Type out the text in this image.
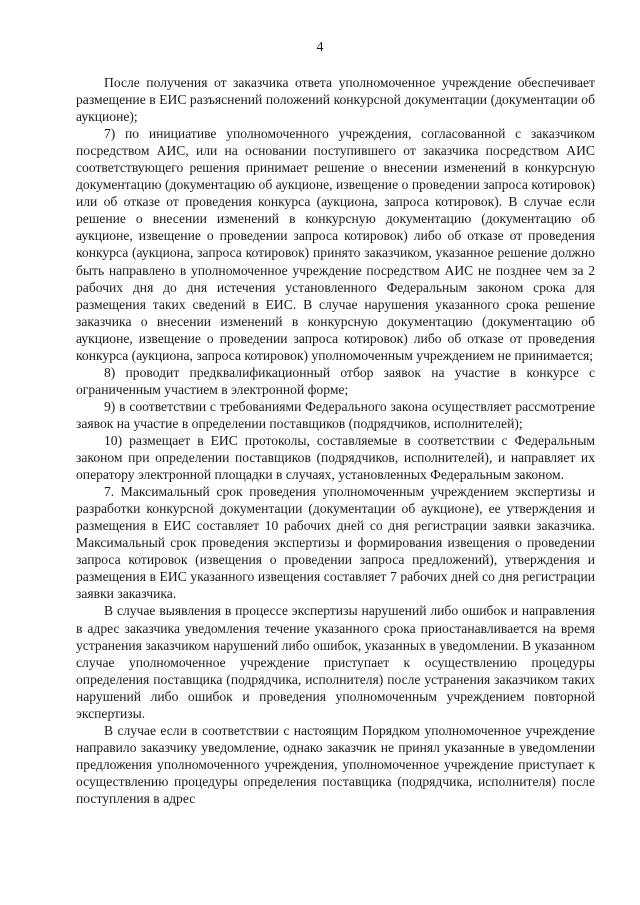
4

После получения от заказчика ответа уполномоченное учреждение обеспечивает размещение в ЕИС разъяснений положений конкурсной документации (документации об аукционе);

7) по инициативе уполномоченного учреждения, согласованной с заказчиком посредством АИС, или на основании поступившего от заказчика посредством АИС соответствующего решения принимает решение о внесении изменений в конкурсную документацию (документацию об аукционе, извещение о проведении запроса котировок) или об отказе от проведения конкурса (аукциона, запроса котировок). В случае если решение о внесении изменений в конкурсную документацию (документацию об аукционе, извещение о проведении запроса котировок) либо об отказе от проведения конкурса (аукциона, запроса котировок) принято заказчиком, указанное решение должно быть направлено в уполномоченное учреждение посредством АИС не позднее чем за 2 рабочих дня до дня истечения установленного Федеральным законом срока для размещения таких сведений в ЕИС. В случае нарушения указанного срока решение заказчика о внесении изменений в конкурсную документацию (документацию об аукционе, извещение о проведении запроса котировок) либо об отказе от проведения конкурса (аукциона, запроса котировок) уполномоченным учреждением не принимается;

8) проводит предквалификационный отбор заявок на участие в конкурсе с ограниченным участием в электронной форме;

9) в соответствии с требованиями Федерального закона осуществляет рассмотрение заявок на участие в определении поставщиков (подрядчиков, исполнителей);

10) размещает в ЕИС протоколы, составляемые в соответствии с Федеральным законом при определении поставщиков (подрядчиков, исполнителей), и направляет их оператору электронной площадки в случаях, установленных Федеральным законом.

7. Максимальный срок проведения уполномоченным учреждением экспертизы и разработки конкурсной документации (документации об аукционе), ее утверждения и размещения в ЕИС составляет 10 рабочих дней со дня регистрации заявки заказчика. Максимальный срок проведения экспертизы и формирования извещения о проведении запроса котировок (извещения о проведении запроса предложений), утверждения и размещения в ЕИС указанного извещения составляет 7 рабочих дней со дня регистрации заявки заказчика.

В случае выявления в процессе экспертизы нарушений либо ошибок и направления в адрес заказчика уведомления течение указанного срока приостанавливается на время устранения заказчиком нарушений либо ошибок, указанных в уведомлении. В указанном случае уполномоченное учреждение приступает к осуществлению процедуры определения поставщика (подрядчика, исполнителя) после устранения заказчиком таких нарушений либо ошибок и проведения уполномоченным учреждением повторной экспертизы.

В случае если в соответствии с настоящим Порядком уполномоченное учреждение направило заказчику уведомление, однако заказчик не принял указанные в уведомлении предложения уполномоченного учреждения, уполномоченное учреждение приступает к осуществлению процедуры определения поставщика (подрядчика, исполнителя) после поступления в адрес
